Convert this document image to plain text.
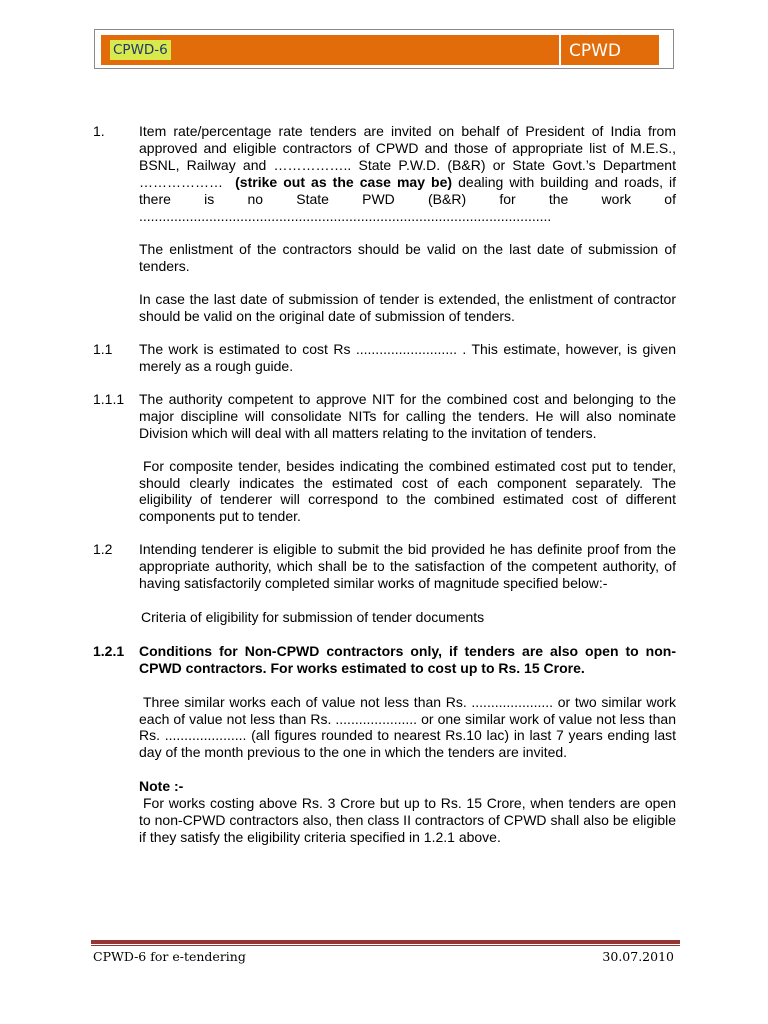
CPWD-6	CPWD
1.	Item rate/percentage rate tenders are invited on behalf of President of India from approved and eligible contractors of CPWD and those of appropriate list of M.E.S., BSNL, Railway and …………….. State P.W.D. (B&R) or State Govt.’s Department ……………… (strike out as the case may be) dealing with building and roads, if there is no State PWD (B&R) for the work of ..........................................................................................................

The enlistment of the contractors should be valid on the last date of submission of tenders.

In case the last date of submission of tender is extended, the enlistment of contractor should be valid on the original date of submission of tenders.

1.1	The work is estimated to cost Rs .......................... . This estimate, however, is given merely as a rough guide.

1.1.1	The authority competent to approve NIT for the combined cost and belonging to the major discipline will consolidate NITs for calling the tenders. He will also nominate Division which will deal with all matters relating to the invitation of tenders.

For composite tender, besides indicating the combined estimated cost put to tender, should clearly indicates the estimated cost of each component separately. The eligibility of tenderer will correspond to the combined estimated cost of different components put to tender.

1.2	Intending tenderer is eligible to submit the bid provided he has definite proof from the appropriate authority, which shall be to the satisfaction of the competent authority, of having satisfactorily completed similar works of magnitude specified below:-

Criteria of eligibility for submission of tender documents

1.2.1	Conditions for Non-CPWD contractors only, if tenders are also open to non-CPWD contractors. For works estimated to cost up to Rs. 15 Crore.

Three similar works each of value not less than Rs. ..................... or two similar work each of value not less than Rs. ..................... or one similar work of value not less than Rs. ..................... (all figures rounded to nearest Rs.10 lac) in last 7 years ending last day of the month previous to the one in which the tenders are invited.

Note :-

For works costing above Rs. 3 Crore but up to Rs. 15 Crore, when tenders are open to non-CPWD contractors also, then class II contractors of CPWD shall also be eligible if they satisfy the eligibility criteria specified in 1.2.1 above.

CPWD-6 for e-tendering	30.07.2010
